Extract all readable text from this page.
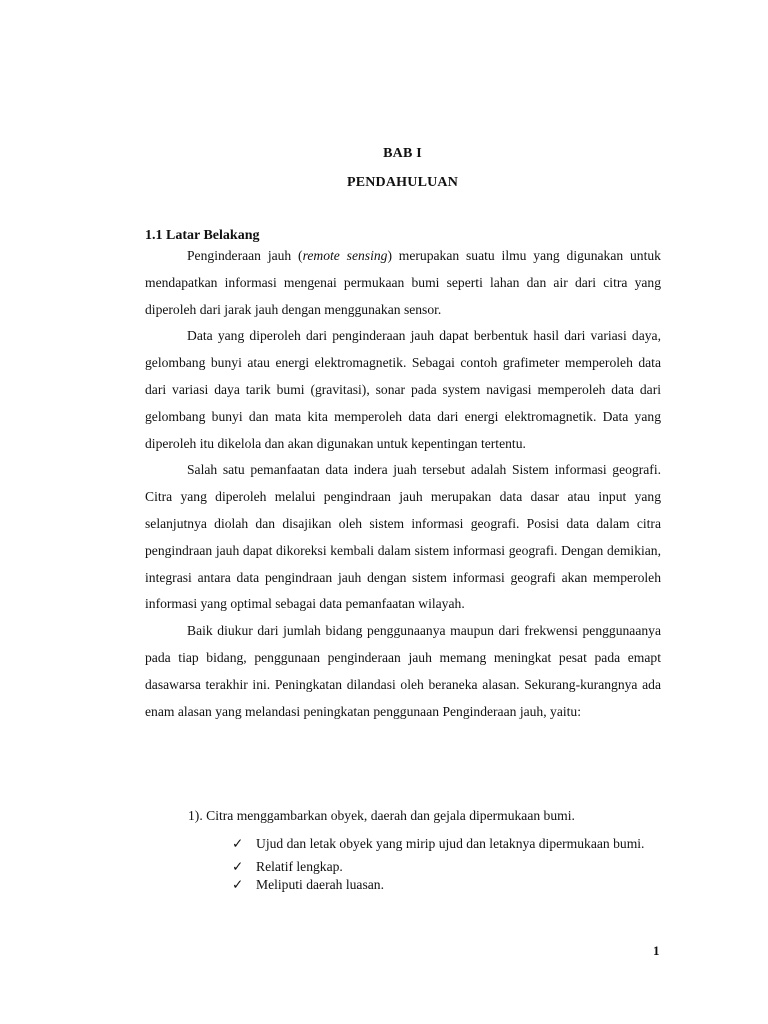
BAB I
PENDAHULUAN
1.1 Latar Belakang

Penginderaan jauh (remote sensing) merupakan suatu ilmu yang digunakan untuk mendapatkan informasi mengenai permukaan bumi seperti lahan dan air dari citra yang diperoleh dari jarak jauh dengan menggunakan sensor.

Data yang diperoleh dari penginderaan jauh dapat berbentuk hasil dari variasi daya, gelombang bunyi atau energi elektromagnetik. Sebagai contoh grafimeter memperoleh data dari variasi daya tarik bumi (gravitasi), sonar pada system navigasi memperoleh data dari gelombang bunyi dan mata kita memperoleh data dari energi elektromagnetik. Data yang diperoleh itu dikelola dan akan digunakan untuk kepentingan tertentu.

Salah satu pemanfaatan data indera juah tersebut adalah Sistem informasi geografi. Citra yang diperoleh melalui pengindraan jauh merupakan data dasar atau input yang selanjutnya diolah dan disajikan oleh sistem informasi geografi. Posisi data dalam citra pengindraan jauh dapat dikoreksi kembali dalam sistem informasi geografi. Dengan demikian, integrasi antara data pengindraan jauh dengan sistem informasi geografi akan memperoleh informasi yang optimal sebagai data pemanfaatan wilayah.

Baik diukur dari jumlah bidang penggunaanya maupun dari frekwensi penggunaanya pada tiap bidang, penggunaan penginderaan jauh memang meningkat pesat pada emapt dasawarsa terakhir ini. Peningkatan dilandasi oleh beraneka alasan. Sekurang-kurangnya ada enam alasan yang melandasi peningkatan penggunaan Penginderaan jauh, yaitu:

1). Citra menggambarkan obyek, daerah dan gejala dipermukaan bumi.
✓ Ujud dan letak obyek yang mirip ujud dan letaknya dipermukaan bumi.
✓ Relatif lengkap.
✓ Meliputi daerah luasan.
1
